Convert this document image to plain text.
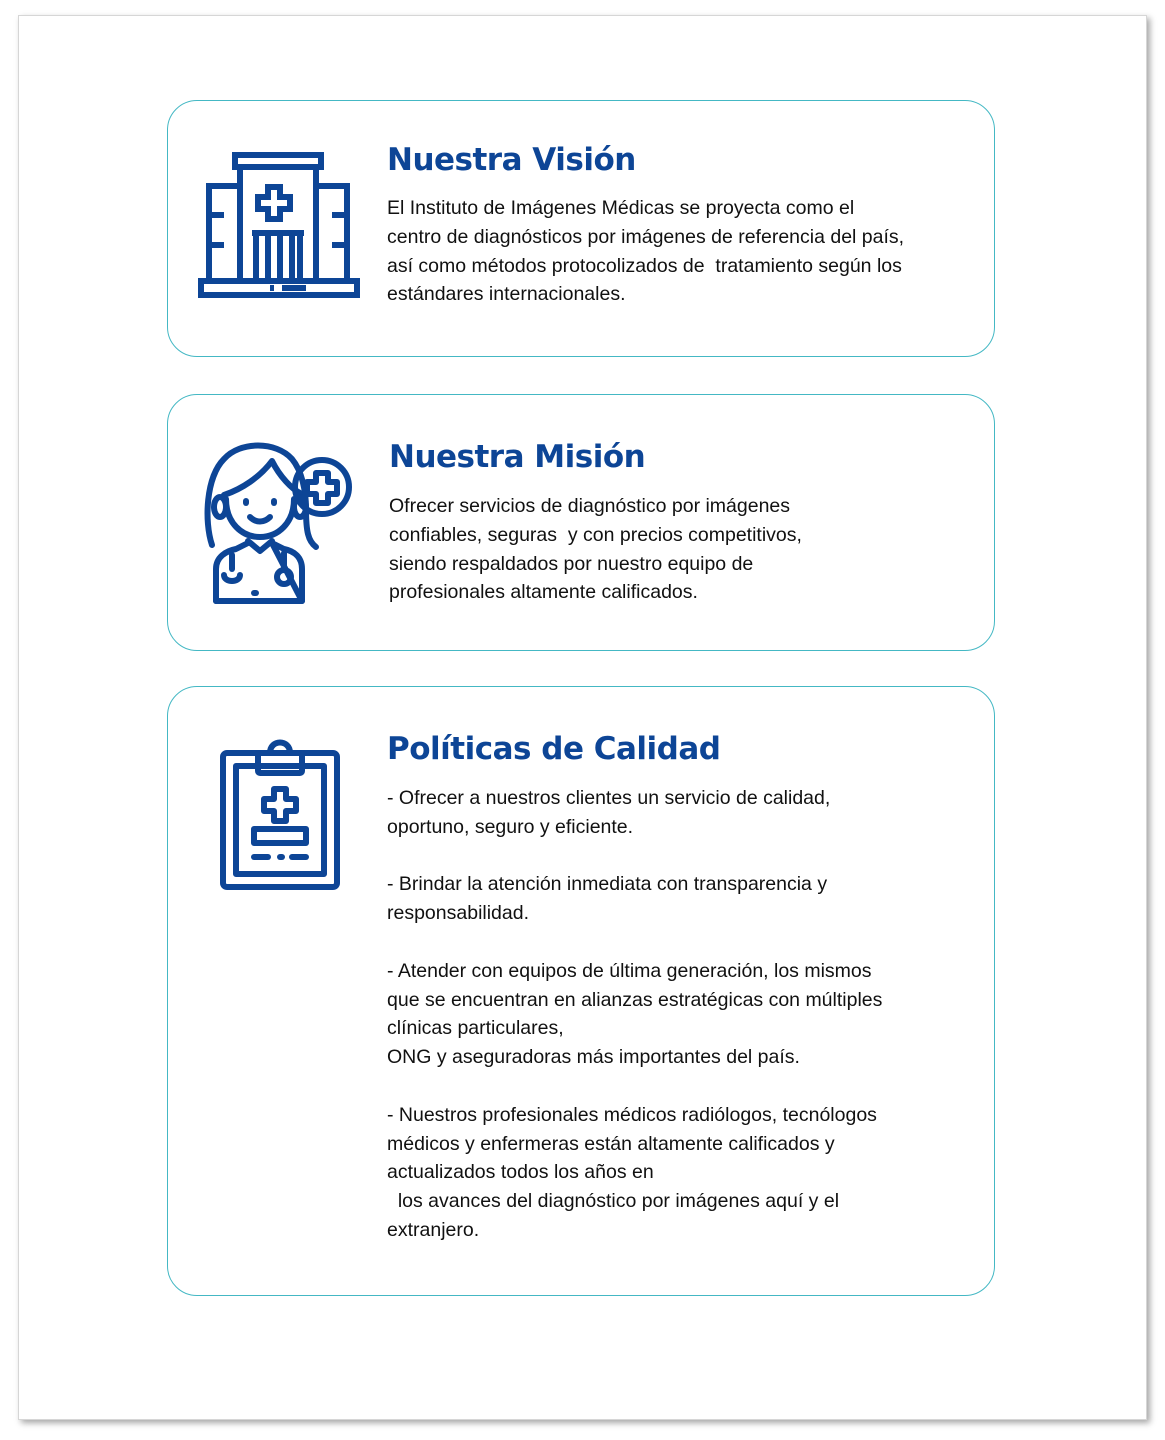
Nuestra Visión
El Instituto de Imágenes Médicas se proyecta como el
centro de diagnósticos por imágenes de referencia del país,
así como métodos protocolizados de  tratamiento según los
estándares internacionales.
Nuestra Misión
Ofrecer servicios de diagnóstico por imágenes
confiables, seguras  y con precios competitivos,
siendo respaldados por nuestro equipo de
profesionales altamente calificados.
Políticas de Calidad
- Ofrecer a nuestros clientes un servicio de calidad,
oportuno, seguro y eficiente.
- Brindar la atención inmediata con transparencia y
responsabilidad.
- Atender con equipos de última generación, los mismos
que se encuentran en alianzas estratégicas con múltiples
clínicas particulares,
ONG y aseguradoras más importantes del país.
- Nuestros profesionales médicos radiólogos, tecnólogos
médicos y enfermeras están altamente calificados y
actualizados todos los años en
los avances del diagnóstico por imágenes aquí y el
extranjero.
